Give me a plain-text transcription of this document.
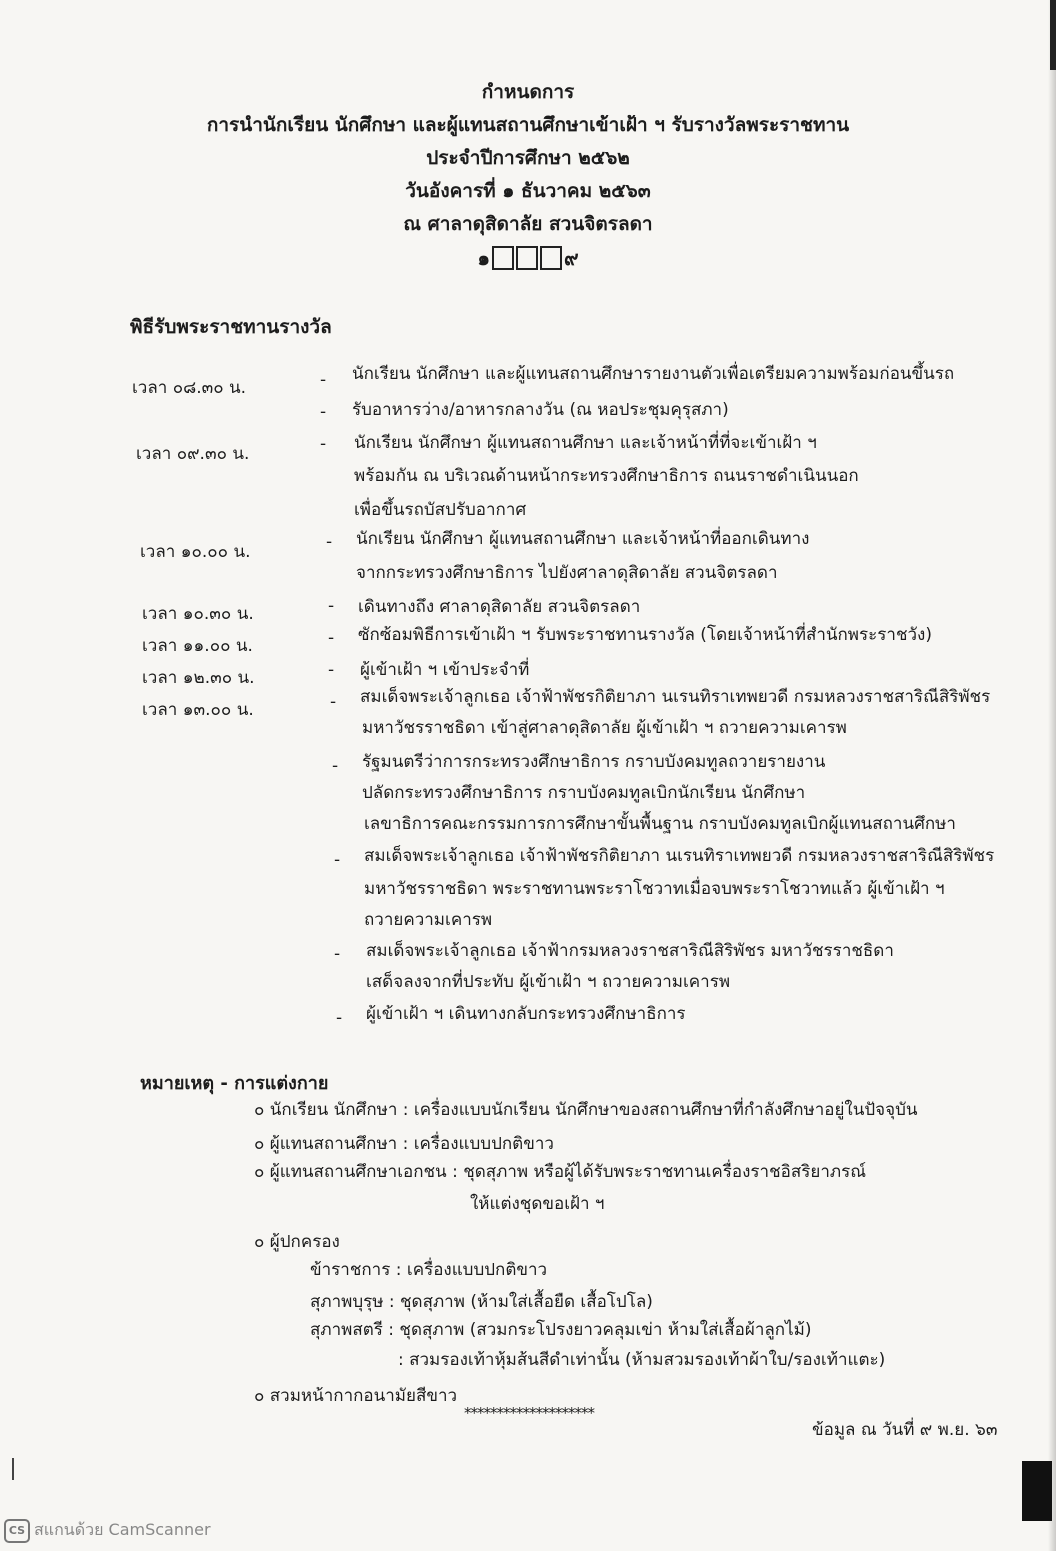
กำหนดการ
การนำนักเรียน นักศึกษา และผู้แทนสถานศึกษาเข้าเฝ้า ฯ รับรางวัลพระราชทาน
ประจำปีการศึกษา ๒๕๖๒
วันอังคารที่ ๑ ธันวาคม ๒๕๖๓
ณ ศาลาดุสิดาลัย สวนจิตรลดา
๑	๙
พิธีรับพระราชทานรางวัล
เวลา ๐๘.๓๐ น.	- นักเรียน นักศึกษา และผู้แทนสถานศึกษารายงานตัวเพื่อเตรียมความพร้อมก่อนขึ้นรถ
- รับอาหารว่าง/อาหารกลางวัน (ณ หอประชุมคุรุสภา)
เวลา ๐๙.๓๐ น.	- นักเรียน นักศึกษา ผู้แทนสถานศึกษา และเจ้าหน้าที่ที่จะเข้าเฝ้า ฯ
พร้อมกัน ณ บริเวณด้านหน้ากระทรวงศึกษาธิการ ถนนราชดำเนินนอก
เพื่อขึ้นรถบัสปรับอากาศ
เวลา ๑๐.๐๐ น.	- นักเรียน นักศึกษา ผู้แทนสถานศึกษา และเจ้าหน้าที่ออกเดินทาง
จากกระทรวงศึกษาธิการ ไปยังศาลาดุสิดาลัย สวนจิตรลดา
เวลา ๑๐.๓๐ น.	- เดินทางถึง ศาลาดุสิดาลัย สวนจิตรลดา
เวลา ๑๑.๐๐ น.	- ซักซ้อมพิธีการเข้าเฝ้า ฯ รับพระราชทานรางวัล (โดยเจ้าหน้าที่สำนักพระราชวัง)
เวลา ๑๒.๓๐ น.	- ผู้เข้าเฝ้า ฯ เข้าประจำที่
เวลา ๑๓.๐๐ น.	- สมเด็จพระเจ้าลูกเธอ เจ้าฟ้าพัชรกิติยาภา นเรนทิราเทพยวดี กรมหลวงราชสาริณีสิริพัชร
มหาวัชรราชธิดา เข้าสู่ศาลาดุสิดาลัย ผู้เข้าเฝ้า ฯ ถวายความเคารพ
- รัฐมนตรีว่าการกระทรวงศึกษาธิการ กราบบังคมทูลถวายรายงาน
ปลัดกระทรวงศึกษาธิการ กราบบังคมทูลเบิกนักเรียน นักศึกษา
เลขาธิการคณะกรรมการการศึกษาขั้นพื้นฐาน กราบบังคมทูลเบิกผู้แทนสถานศึกษา
- สมเด็จพระเจ้าลูกเธอ เจ้าฟ้าพัชรกิติยาภา นเรนทิราเทพยวดี กรมหลวงราชสาริณีสิริพัชร
มหาวัชรราชธิดา พระราชทานพระราโชวาทเมื่อจบพระราโชวาทแล้ว ผู้เข้าเฝ้า ฯ
ถวายความเคารพ
- สมเด็จพระเจ้าลูกเธอ เจ้าฟ้ากรมหลวงราชสาริณีสิริพัชร มหาวัชรราชธิดา
เสด็จลงจากที่ประทับ ผู้เข้าเฝ้า ฯ ถวายความเคารพ
- ผู้เข้าเฝ้า ฯ เดินทางกลับกระทรวงศึกษาธิการ
หมายเหตุ - การแต่งกาย
๐ นักเรียน นักศึกษา : เครื่องแบบนักเรียน นักศึกษาของสถานศึกษาที่กำลังศึกษาอยู่ในปัจจุบัน
๐ ผู้แทนสถานศึกษา : เครื่องแบบปกติขาว
๐ ผู้แทนสถานศึกษาเอกชน : ชุดสุภาพ หรือผู้ได้รับพระราชทานเครื่องราชอิสริยาภรณ์
ให้แต่งชุดขอเฝ้า ฯ
๐ ผู้ปกครอง
ข้าราชการ : เครื่องแบบปกติขาว
สุภาพบุรุษ : ชุดสุภาพ (ห้ามใส่เสื้อยืด เสื้อโปโล)
สุภาพสตรี : ชุดสุภาพ (สวมกระโปรงยาวคลุมเข่า ห้ามใส่เสื้อผ้าลูกไม้)
: สวมรองเท้าหุ้มส้นสีดำเท่านั้น (ห้ามสวมรองเท้าผ้าใบ/รองเท้าแตะ)
๐ สวมหน้ากากอนามัยสีขาว
********************
ข้อมูล ณ วันที่ ๙ พ.ย. ๖๓
CS สแกนด้วย CamScanner
